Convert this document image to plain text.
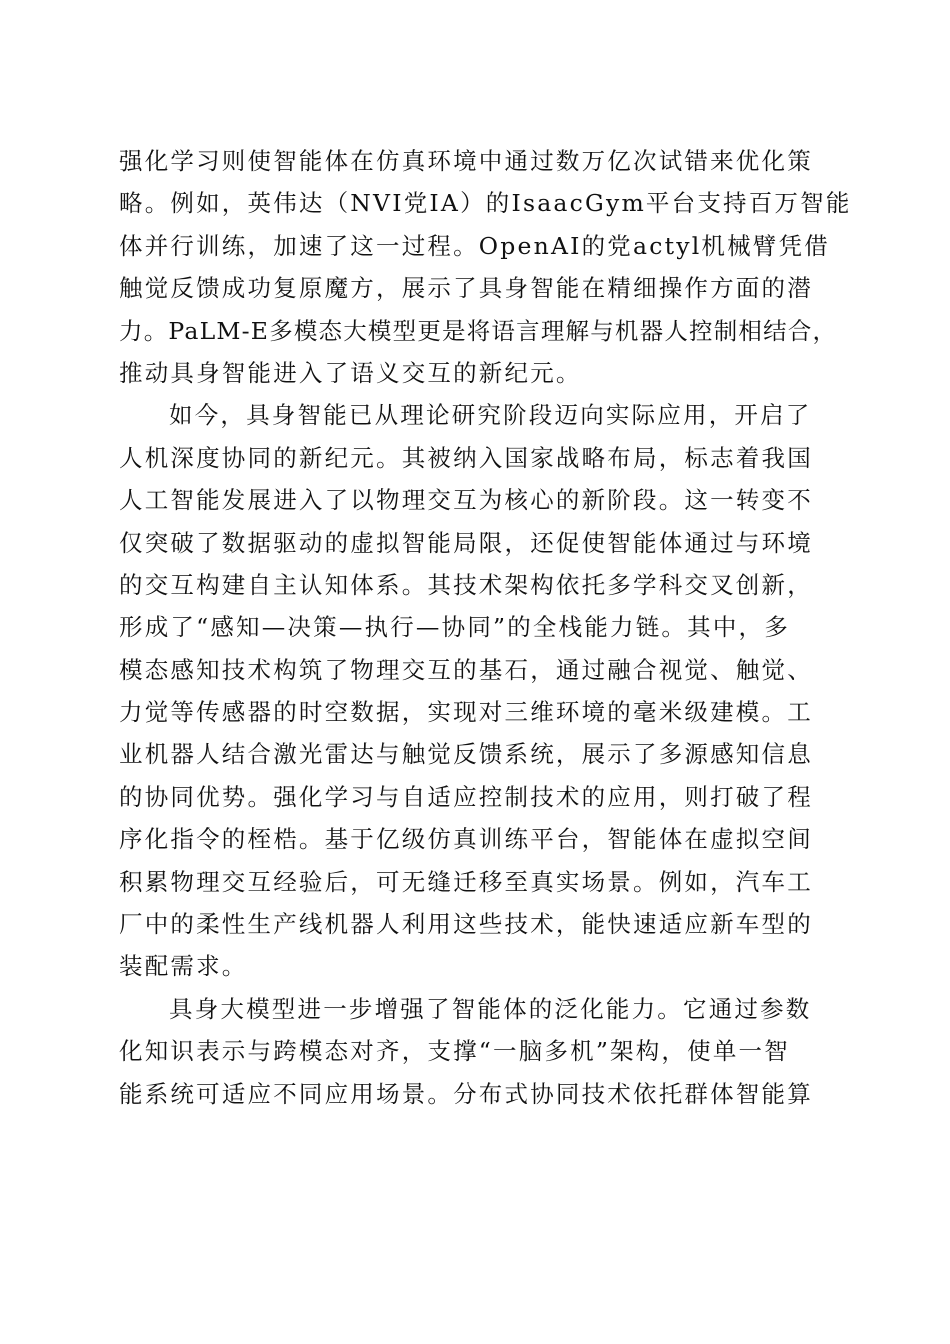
强化学习则使智能体在仿真环境中通过数万亿次试错来优化策
略。例如，英伟达（NVI党IA）的IsaacGym平台支持百万智能
体并行训练，加速了这一过程。OpenAI的党actyl机械臂凭借
触觉反馈成功复原魔方，展示了具身智能在精细操作方面的潜
力。PaLM-E多模态大模型更是将语言理解与机器人控制相结合，
推动具身智能进入了语义交互的新纪元。
如今，具身智能已从理论研究阶段迈向实际应用，开启了
人机深度协同的新纪元。其被纳入国家战略布局，标志着我国
人工智能发展进入了以物理交互为核心的新阶段。这一转变不
仅突破了数据驱动的虚拟智能局限，还促使智能体通过与环境
的交互构建自主认知体系。其技术架构依托多学科交叉创新，
形成了“感知—决策—执行—协同”的全栈能力链。其中，多
模态感知技术构筑了物理交互的基石，通过融合视觉、触觉、
力觉等传感器的时空数据，实现对三维环境的毫米级建模。工
业机器人结合激光雷达与触觉反馈系统，展示了多源感知信息
的协同优势。强化学习与自适应控制技术的应用，则打破了程
序化指令的桎梏。基于亿级仿真训练平台，智能体在虚拟空间
积累物理交互经验后，可无缝迁移至真实场景。例如，汽车工
厂中的柔性生产线机器人利用这些技术，能快速适应新车型的
装配需求。
具身大模型进一步增强了智能体的泛化能力。它通过参数
化知识表示与跨模态对齐，支撑“一脑多机”架构，使单一智
能系统可适应不同应用场景。分布式协同技术依托群体智能算
